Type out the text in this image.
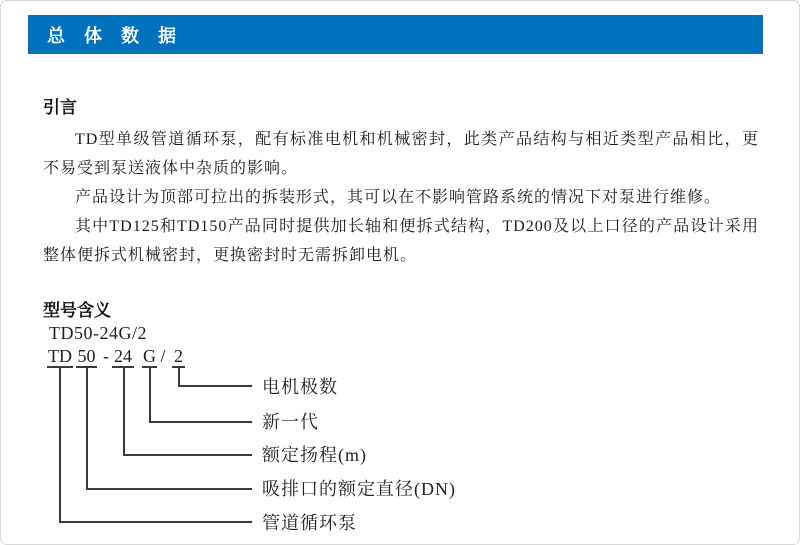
总 体 数 据
引言

TD型单级管道循环泵，配有标准电机和机械密封，此类产品结构与相近类型产品相比，更不易受到泵送液体中杂质的影响。

产品设计为顶部可拉出的拆装形式，其可以在不影响管路系统的情况下对泵进行维修。

其中TD125和TD150产品同时提供加长轴和便拆式结构，TD200及以上口径的产品设计采用整体便拆式机械密封，更换密封时无需拆卸电机。

型号含义
TD50-24G/2
TD 50 - 24 G / 2
电机极数
新一代
额定扬程(m)
吸排口的额定直径(DN)
管道循环泵
